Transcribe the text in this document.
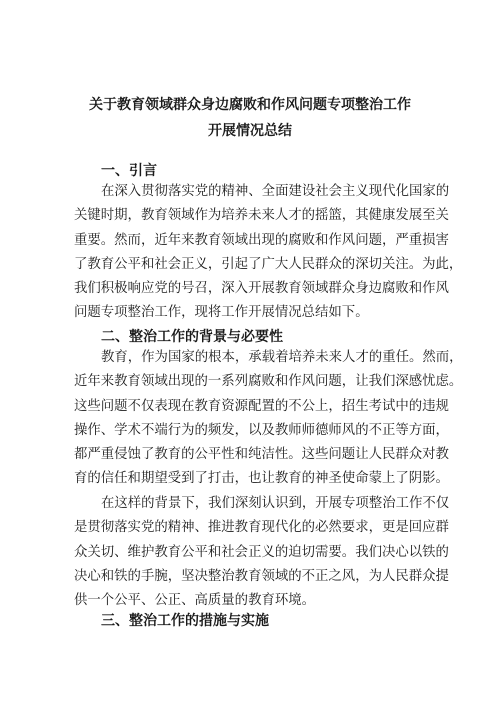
关于教育领域群众身边腐败和作风问题专项整治工作
开展情况总结
一、引言
在深入贯彻落实党的精神、全面建设社会主义现代化国家的
关键时期，教育领域作为培养未来人才的摇篮，其健康发展至关
重要。然而，近年来教育领域出现的腐败和作风问题，严重损害
了教育公平和社会正义，引起了广大人民群众的深切关注。为此，
我们积极响应党的号召，深入开展教育领域群众身边腐败和作风
问题专项整治工作，现将工作开展情况总结如下。
二、整治工作的背景与必要性
教育，作为国家的根本，承载着培养未来人才的重任。然而，
近年来教育领域出现的一系列腐败和作风问题，让我们深感忧虑。
这些问题不仅表现在教育资源配置的不公上，招生考试中的违规
操作、学术不端行为的频发，以及教师师德师风的不正等方面，
都严重侵蚀了教育的公平性和纯洁性。这些问题让人民群众对教
育的信任和期望受到了打击，也让教育的神圣使命蒙上了阴影。
在这样的背景下，我们深刻认识到，开展专项整治工作不仅
是贯彻落实党的精神、推进教育现代化的必然要求，更是回应群
众关切、维护教育公平和社会正义的迫切需要。我们决心以铁的
决心和铁的手腕，坚决整治教育领域的不正之风，为人民群众提
供一个公平、公正、高质量的教育环境。
三、整治工作的措施与实施
